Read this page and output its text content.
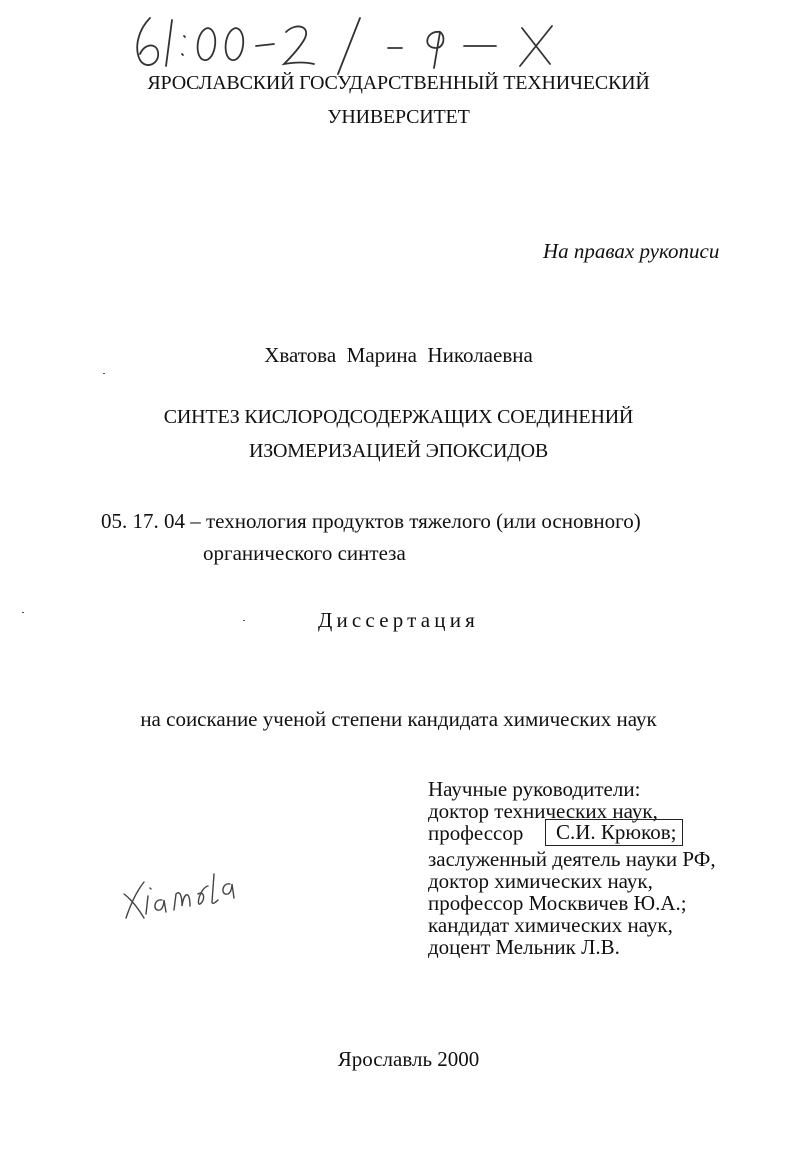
ЯРОСЛАВСКИЙ ГОСУДАРСТВЕННЫЙ ТЕХНИЧЕСКИЙ
УНИВЕРСИТЕТ
На правах рукописи
Хватова  Марина  Николаевна
СИНТЕЗ КИСЛОРОДСОДЕРЖАЩИХ СОЕДИНЕНИЙ
ИЗОМЕРИЗАЦИЕЙ ЭПОКСИДОВ
05. 17. 04 – технология продуктов тяжелого (или основного)
органического синтеза
Диссертация
на соискание ученой степени кандидата химических наук
Научные руководители:
доктор технических наук,
профессор	С.И. Крюков;
заслуженный деятель науки РФ,
доктор химических наук,
профессор Москвичев Ю.А.;
кандидат химических наук,
доцент Мельник Л.В.
Ярославль 2000
